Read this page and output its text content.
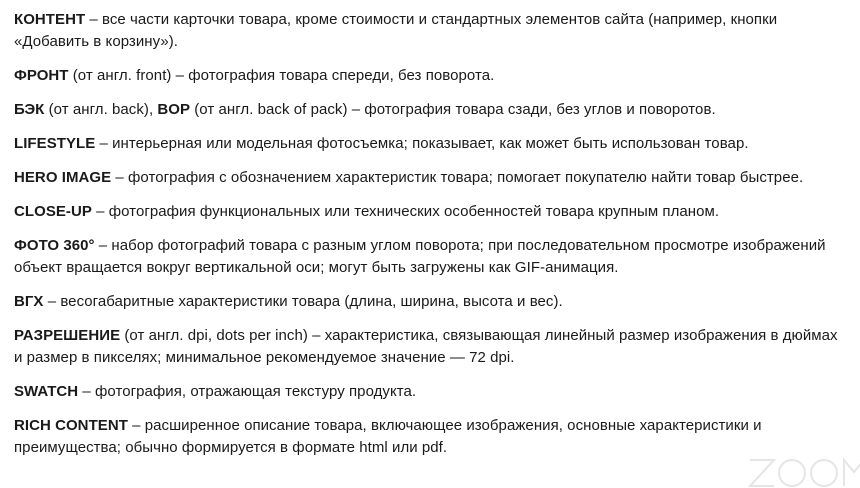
КОНТЕНТ – все части карточки товара, кроме стоимости и стандартных элементов сайта (например, кнопки «Добавить в корзину»).

ФРОНТ (от англ. front) – фотография товара спереди, без поворота.

БЭК (от англ. back), BOP (от англ. back of pack) – фотография товара сзади, без углов и поворотов.

LIFESTYLE – интерьерная или модельная фотосъемка; показывает, как может быть использован товар.

HERO IMAGE – фотография с обозначением характеристик товара; помогает покупателю найти товар быстрее.

CLOSE-UP – фотография функциональных или технических особенностей товара крупным планом.

ФОТО 360° – набор фотографий товара с разным углом поворота; при последовательном просмотре изображений объект вращается вокруг вертикальной оси; могут быть загружены как GIF-анимация.

ВГХ – весогабаритные характеристики товара (длина, ширина, высота и вес).

РАЗРЕШЕНИЕ (от англ. dpi, dots per inch) – характеристика, связывающая линейный размер изображения в дюймах и размер в пикселях; минимальное рекомендуемое значение — 72 dpi.

SWATCH – фотография, отражающая текстуру продукта.

RICH CONTENT – расширенное описание товара, включающее изображения, основные характеристики и преимущества; обычно формируется в формате html или pdf.
